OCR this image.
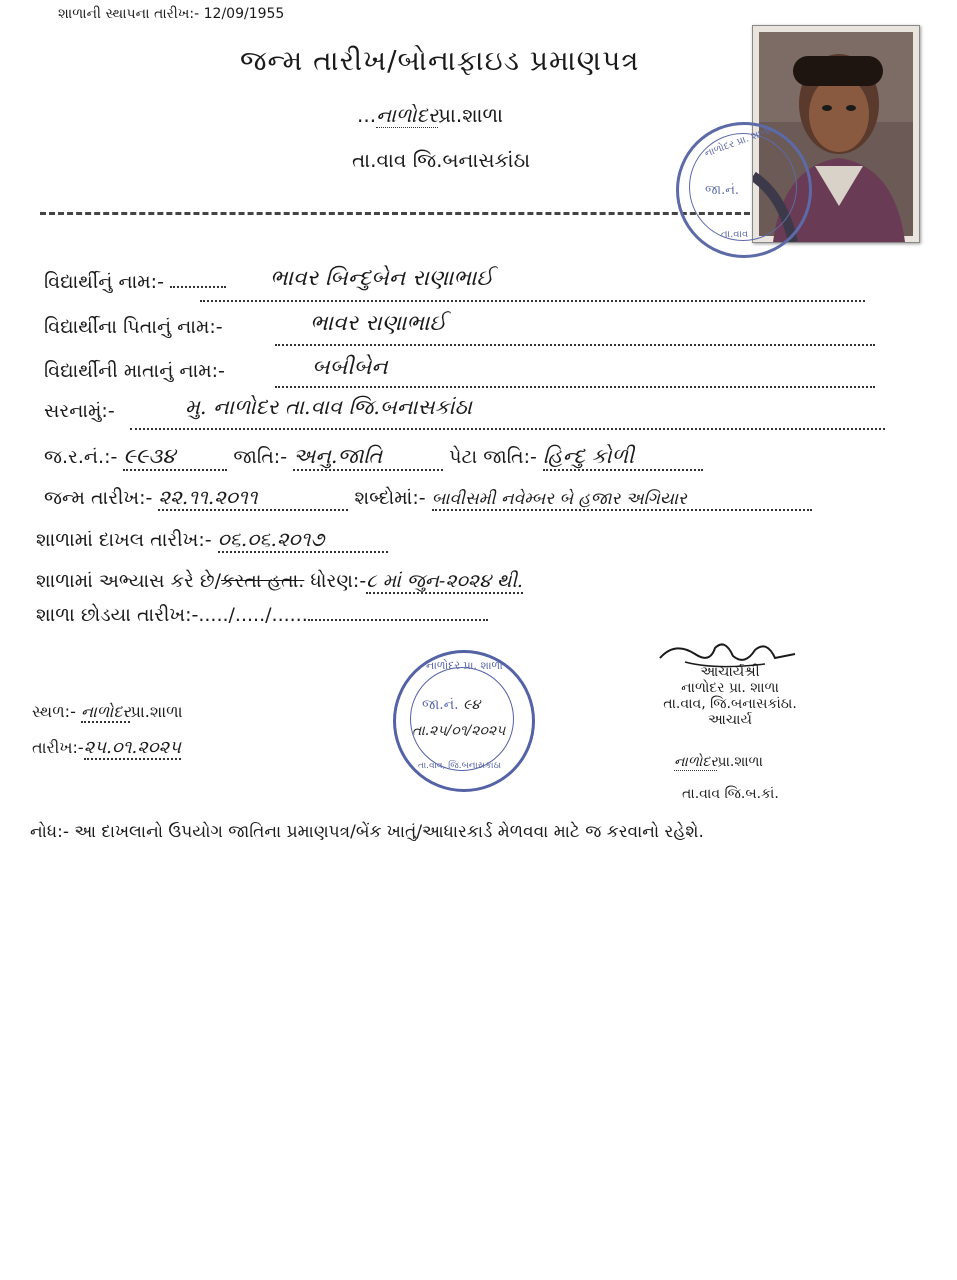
શાળાની સ્થાપના તારીખ:- 12/09/1955
જન્મ તારીખ/બોનાફાઇડ પ્રમાણપત્ર
...નાળોદરપ્રા.શાળા
તા.વાવ જિ.બનાસકાંઠા
નાળોદર પ્રા. શાળા
જા.નં.
તા.વાવ
વિદ્યાર્થીનું નામ:-	ભાવર બિન્દુબેન રાણાભાઈ
વિદ્યાર્થીના પિતાનું નામ:-	ભાવર રાણાભાઈ
વિદ્યાર્થીની માતાનું નામ:-	બબીબેન
સરનામું:-	મુ. નાળોદર તા.વાવ જિ.બનાસકાંઠા
જ.ર.નં.:- ૯૯૩૪	જાતિ:- અનુ.જાતિ	પેટા જાતિ:- હિન્દુ કોળી
જન્મ તારીખ:- ૨૨.૧૧.૨૦૧૧	શબ્દોમાં:- બાવીસમી નવેમ્બર બે હજાર અગિયાર
શાળામાં દાખલ તારીખ:- ૦૬.૦૬.૨૦૧૭
શાળામાં અભ્યાસ કરે છે/કરતા હતા. ધોરણ:-૮ માં જુન-૨૦૨૪ થી.
શાળા છોડયા તારીખ:-...../...../......
નાળોદર પ્રા. શાળા
જા.નં. ૯૪
તા.૨૫/૦૧/૨૦૨૫
તા.વાવ, જિ.બનાસકાંઠા
સ્થળ:- નાળોદરપ્રા.શાળા
તારીખ:-૨૫.૦૧.૨૦૨૫
આચાર્યશ્રી
નાળોદર પ્રા. શાળા
તા.વાવ, જિ.બનાસકાંઠા.
આચાર્ય
નાળોદરપ્રા.શાળા
તા.વાવ જિ.બ.કાં.
નોધ:- આ દાખલાનો ઉપયોગ જાતિના પ્રમાણપત્ર/બેંક ખાતું/આધારકાર્ડ મેળવવા માટે જ કરવાનો રહેશે.
